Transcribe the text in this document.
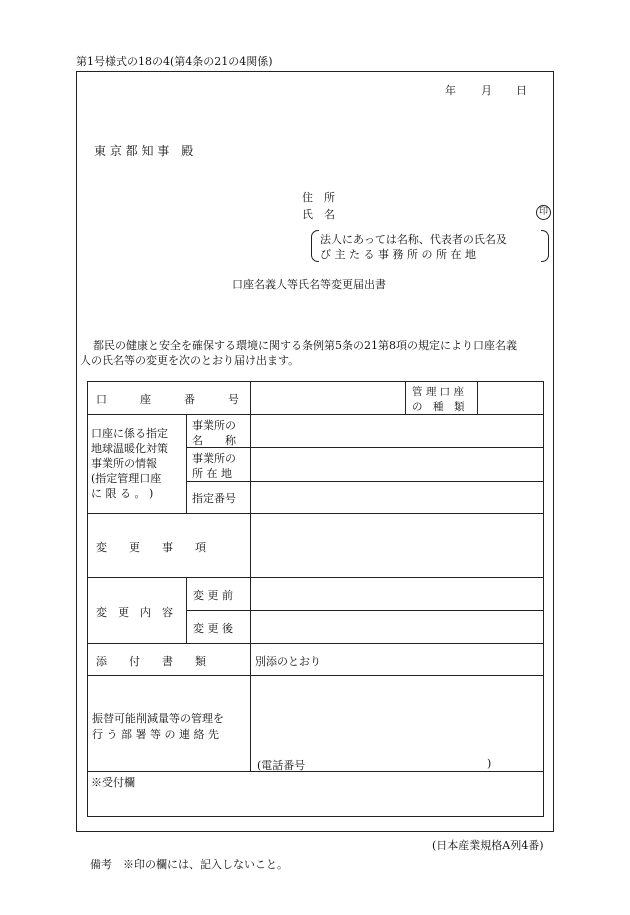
第1号様式の18の4(第4条の21の4関係)
年 月 日
東 京 都 知 事　殿
住　所
氏　名	印
法人にあっては名称、代表者の氏名及
び 主 た る 事 務 所 の 所 在 地
口座名義人等氏名等変更届出書
都民の健康と安全を確保する環境に関する条例第5条の21第8項の規定により口座名義
人の氏名等の変更を次のとおり届け出ます。
口　　　座　　　番　　　号
管 理 口 座
の　種　類
口座に係る指定
地球温暖化対策
事業所の情報
(指定管理口座
に 限 る 。 )
事業所の
名　　称
事業所の
所 在 地
指定番号
変　　更　　事　　項
変　更　内　容
変 更 前
変 更 後
添　　付　　書　　類	別添のとおり
振替可能削減量等の管理を
行 う 部 署 等 の 連 絡 先
(電話番号	)
※受付欄
(日本産業規格A列4番)
備考　※印の欄には、記入しないこと。
